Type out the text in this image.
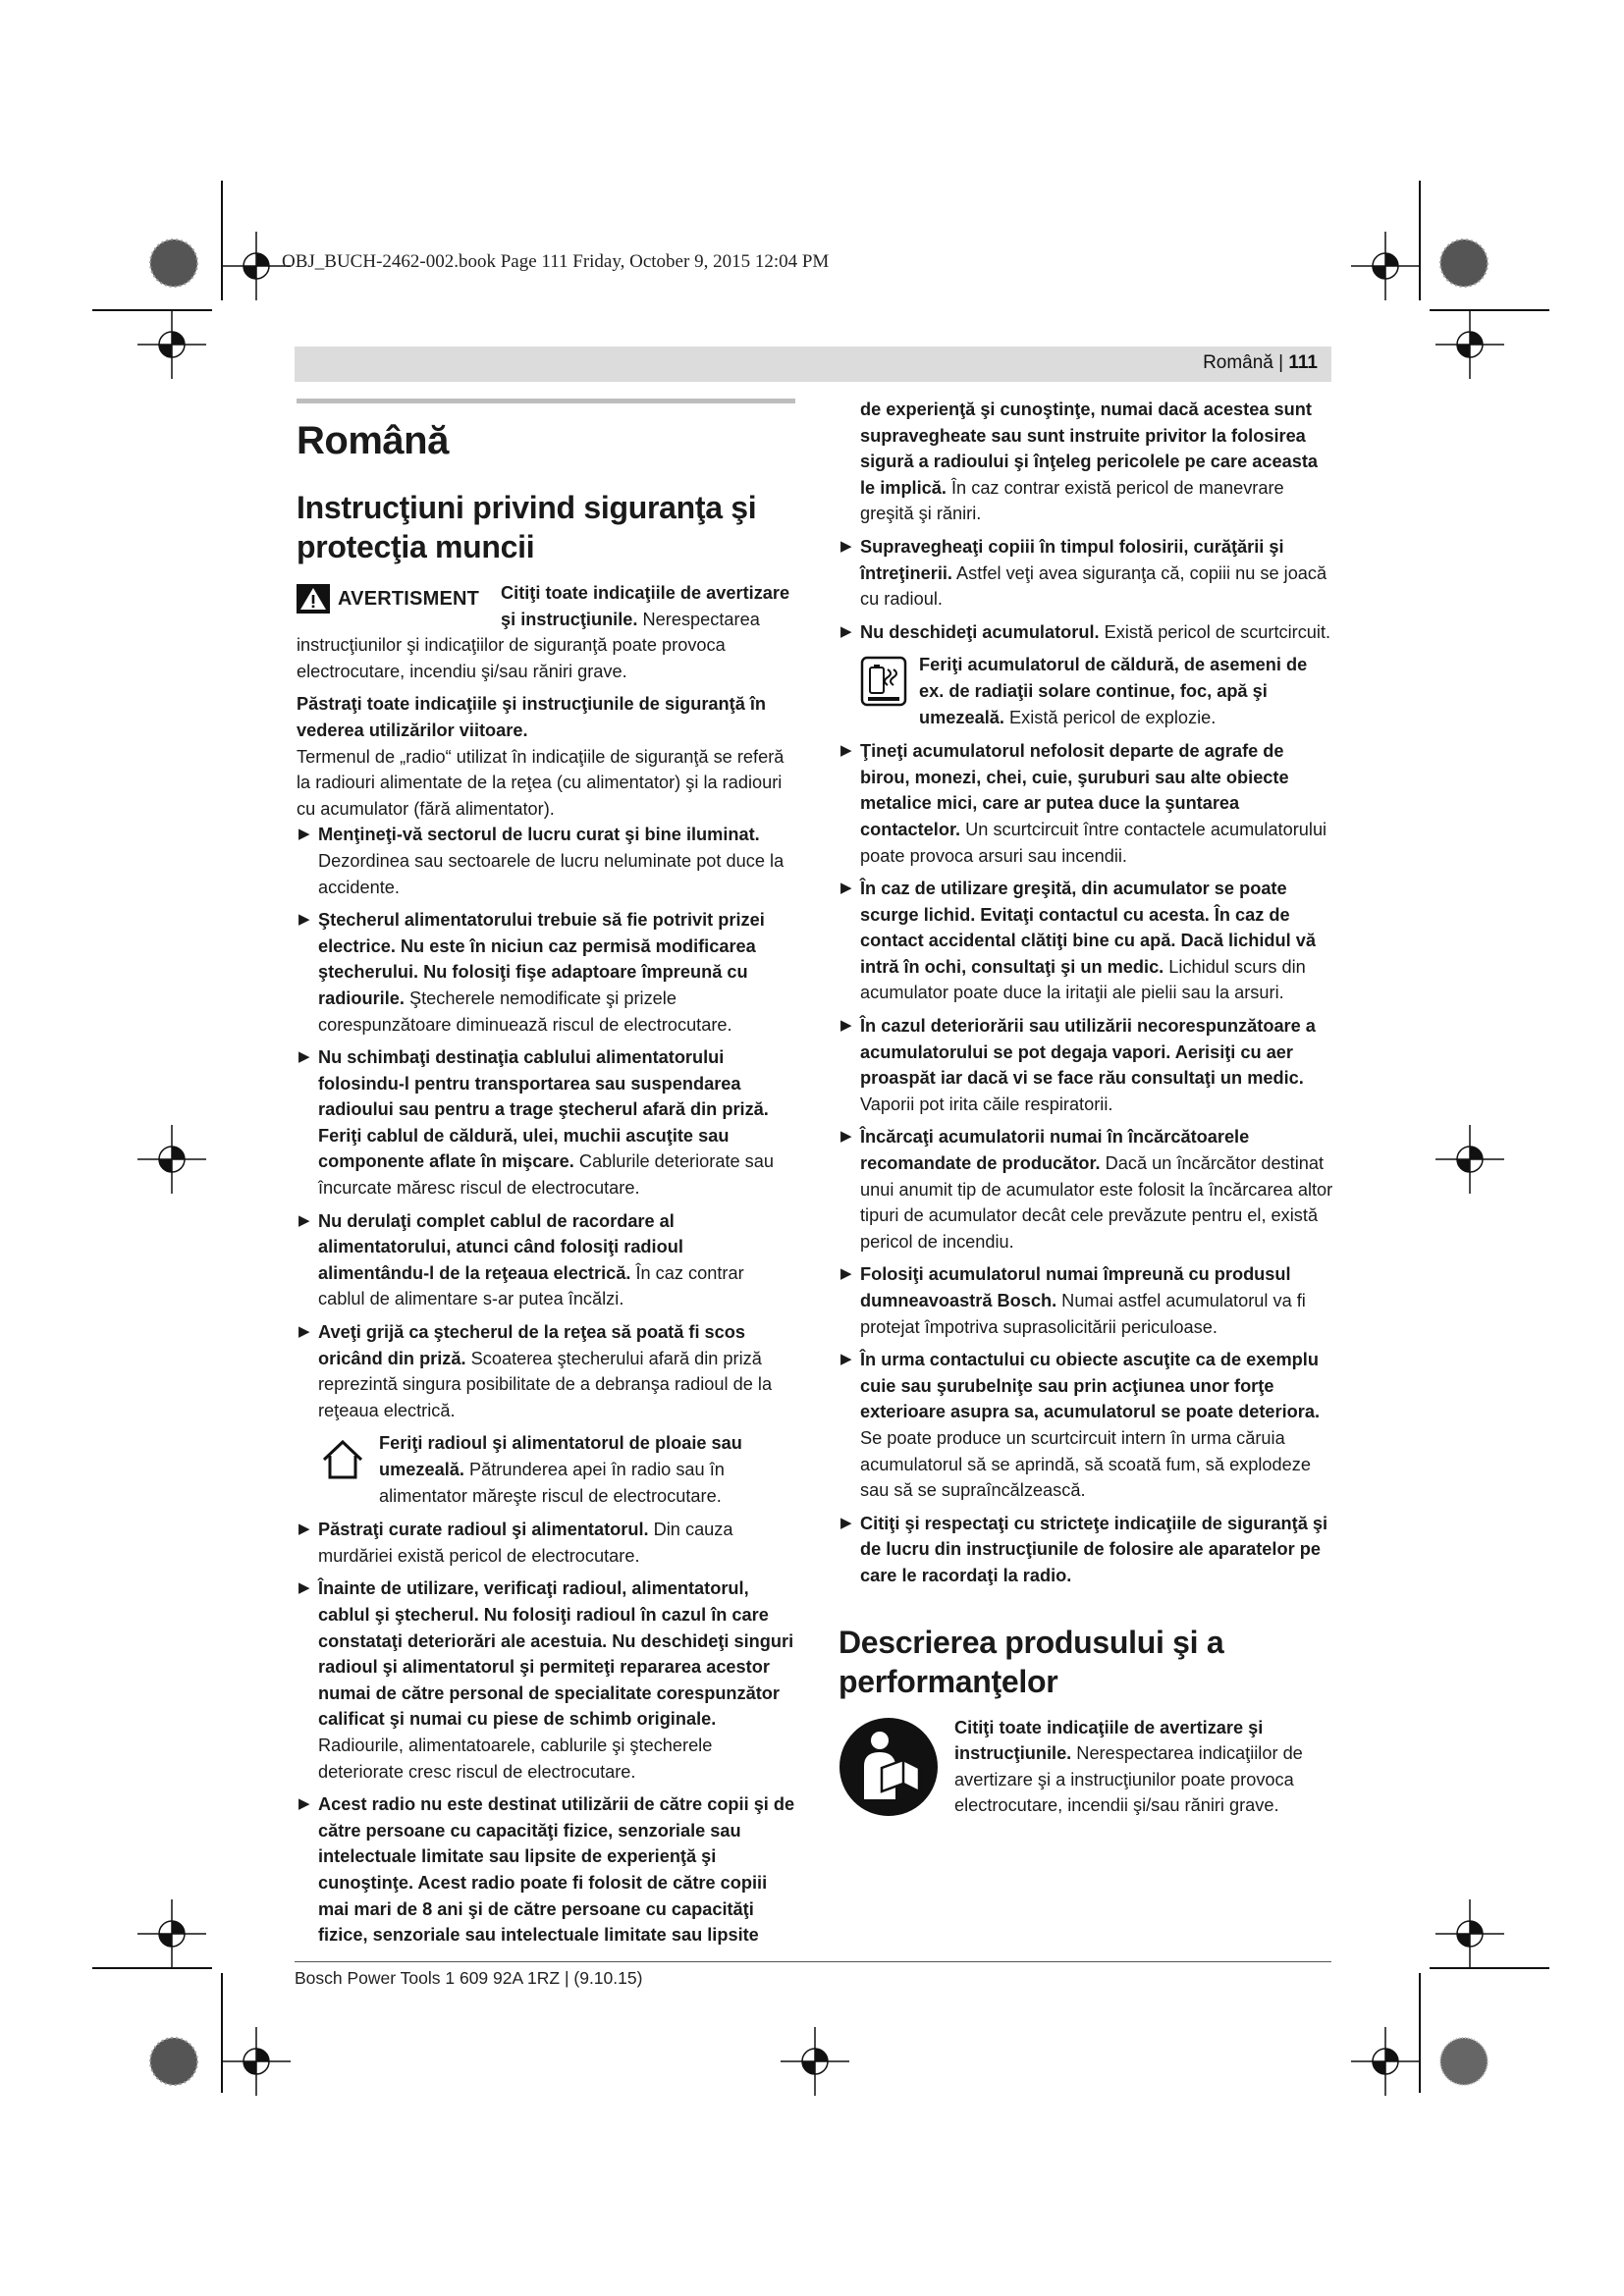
OBJ_BUCH-2462-002.book Page 111 Friday, October 9, 2015 12:04 PM
Română | 111
Română
Instrucţiuni privind siguranţa şi protecţia muncii
AVERTISMENT	Citiţi toate indicaţiile de avertizare şi instrucţiunile. Nerespectarea instrucţiunilor şi indicaţiilor de siguranţă poate provoca electrocutare, incendiu şi/sau răniri grave.

Păstraţi toate indicaţiile şi instrucţiunile de siguranţă în vederea utilizărilor viitoare.

Termenul de „radio“ utilizat în indicaţiile de siguranţă se referă la radiouri alimentate de la reţea (cu alimentator) şi la radiouri cu acumulator (fără alimentator).

▶ Menţineţi-vă sectorul de lucru curat şi bine iluminat. Dezordinea sau sectoarele de lucru neluminate pot duce la accidente.
▶ Ştecherul alimentatorului trebuie să fie potrivit prizei electrice. Nu este în niciun caz permisă modificarea ştecherului. Nu folosiţi fişe adaptoare împreună cu radiourile. Ştecherele nemodificate şi prizele corespunzătoare diminuează riscul de electrocutare.
▶ Nu schimbaţi destinaţia cablului alimentatorului folosindu-l pentru transportarea sau suspendarea radioului sau pentru a trage ştecherul afară din priză. Feriţi cablul de căldură, ulei, muchii ascuţite sau componente aflate în mişcare. Cablurile deteriorate sau încurcate măresc riscul de electrocutare.
▶ Nu derulaţi complet cablul de racordare al alimentatorului, atunci când folosiţi radioul alimentându-l de la reţeaua electrică. În caz contrar cablul de alimentare s-ar putea încălzi.
▶ Aveţi grijă ca ştecherul de la reţea să poată fi scos oricând din priză. Scoaterea ştecherului afară din priză reprezintă singura posibilitate de a debranşa radioul de la reţeaua electrică.

Feriţi radioul şi alimentatorul de ploaie sau umezeală. Pătrunderea apei în radio sau în alimentator măreşte riscul de electrocutare.

▶ Păstraţi curate radioul şi alimentatorul. Din cauza murdăriei există pericol de electrocutare.
▶ Înainte de utilizare, verificaţi radioul, alimentatorul, cablul şi ştecherul. Nu folosiţi radioul în cazul în care constataţi deteriorări ale acestuia. Nu deschideţi singuri radioul şi alimentatorul şi permiteţi repararea acestor numai de către personal de specialitate corespunzător calificat şi numai cu piese de schimb originale. Radiourile, alimentatoarele, cablurile şi ştecherele deteriorate cresc riscul de electrocutare.
▶ Acest radio nu este destinat utilizării de către copii şi de către persoane cu capacităţi fizice, senzoriale sau intelectuale limitate sau lipsite de experienţă şi cunoştinţe. Acest radio poate fi folosit de către copiii mai mari de 8 ani şi de către persoane cu capacităţi fizice, senzoriale sau intelectuale limitate sau lipsite
de experienţă şi cunoştinţe, numai dacă acestea sunt supravegheate sau sunt instruite privitor la folosirea sigură a radioului şi înţeleg pericolele pe care aceasta le implică. În caz contrar există pericol de manevrare greşită şi răniri.
▶ Supravegheaţi copiii în timpul folosirii, curăţării şi întreţinerii. Astfel veţi avea siguranţa că, copiii nu se joacă cu radioul.
▶ Nu deschideţi acumulatorul. Există pericol de scurtcircuit.

Feriţi acumulatorul de căldură, de asemeni de ex. de radiaţii solare continue, foc, apă şi umezeală. Există pericol de explozie.

▶ Ţineţi acumulatorul nefolosit departe de agrafe de birou, monezi, chei, cuie, şuruburi sau alte obiecte metalice mici, care ar putea duce la şuntarea contactelor. Un scurtcircuit între contactele acumulatorului poate provoca arsuri sau incendii.
▶ În caz de utilizare greşită, din acumulator se poate scurge lichid. Evitaţi contactul cu acesta. În caz de contact accidental clătiţi bine cu apă. Dacă lichidul vă intră în ochi, consultaţi şi un medic. Lichidul scurs din acumulator poate duce la iritaţii ale pielii sau la arsuri.
▶ În cazul deteriorării sau utilizării necorespunzătoare a acumulatorului se pot degaja vapori. Aerisiţi cu aer proaspăt iar dacă vi se face rău consultaţi un medic. Vaporii pot irita căile respiratorii.
▶ Încărcaţi acumulatorii numai în încărcătoarele recomandate de producător. Dacă un încărcător destinat unui anumit tip de acumulator este folosit la încărcarea altor tipuri de acumulator decât cele prevăzute pentru el, există pericol de incendiu.
▶ Folosiţi acumulatorul numai împreună cu produsul dumneavoastră Bosch. Numai astfel acumulatorul va fi protejat împotriva suprasolicitării periculoase.
▶ În urma contactului cu obiecte ascuţite ca de exemplu cuie sau şurubelniţe sau prin acţiunea unor forţe exterioare asupra sa, acumulatorul se poate deteriora. Se poate produce un scurtcircuit intern în urma căruia acumulatorul să se aprindă, să scoată fum, să explodeze sau să se supraîncălzească.
▶ Citiţi şi respectaţi cu stricteţe indicaţiile de siguranţă şi de lucru din instrucţiunile de folosire ale aparatelor pe care le racordaţi la radio.
Descrierea produsului şi a performanţelor

Citiţi toate indicaţiile de avertizare şi instrucţiunile. Nerespectarea indicaţiilor de avertizare şi a instrucţiunilor poate provoca electrocutare, incendii şi/sau răniri grave.

Bosch Power Tools 1 609 92A 1RZ | (9.10.15)
